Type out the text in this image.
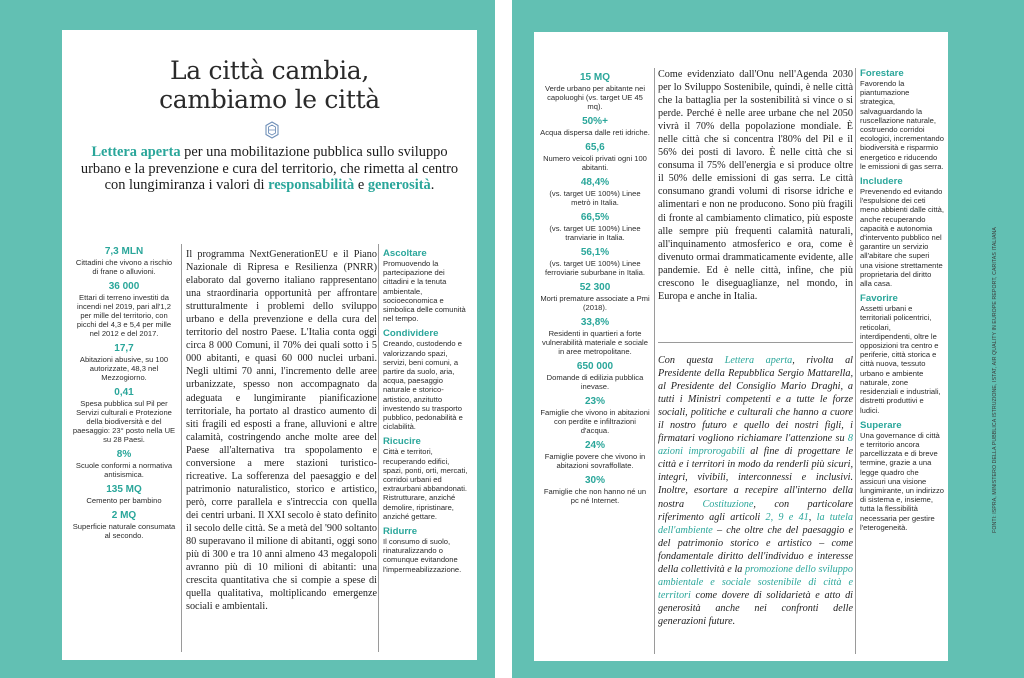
La città cambia,
cambiamo le città

Lettera aperta per una mobilitazione pubblica sullo sviluppo urbano e la prevenzione e cura del territorio, che rimetta al centro con lungimiranza i valori di responsabilità e generosità.

7,3 MLN
Cittadini che vivono a rischio di frane o alluvioni.
36 000
Ettari di terreno investiti da incendi nel 2019, pari all'1,2 per mille del territorio, con picchi del 4,3 e 5,4 per mille nel 2012 e del 2017.
17,7
Abitazioni abusive, su 100 autorizzate, 48,3 nel Mezzogiorno.
0,41
Spesa pubblica sul Pil per Servizi culturali e Protezione della biodiversità e del paesaggio: 23° posto nella UE su 28 Paesi.
8%
Scuole conformi a normativa antisismica.
135 MQ
Cemento per bambino
2 MQ
Superficie naturale consumata al secondo.

Il programma NextGenerationEU e il Piano Nazionale di Ripresa e Resilienza (PNRR) elaborato dal governo italiano rappresentano una straordinaria opportunità per affrontare strutturalmente i problemi dello sviluppo urbano e della prevenzione e della cura del territorio del nostro Paese. L'Italia conta oggi circa 8 000 Comuni, il 70% dei quali sotto i 5 000 abitanti, e quasi 60 000 nuclei urbani. Negli ultimi 70 anni, l'incremento delle aree urbanizzate, spesso non accompagnato da adeguata e lungimirante pianificazione territoriale, ha portato al drastico aumento di siti fragili ed esposti a frane, alluvioni e altre calamità, costringendo anche molte aree del Paese all'alternativa tra spopolamento e conversione a mere stazioni turistico-ricreative. La sofferenza del paesaggio e del patrimonio naturalistico, storico e artistico, però, corre parallela e s'intreccia con quella dei centri urbani. Il XXI secolo è stato definito il secolo delle città. Se a metà del '900 soltanto 80 superavano il milione di abitanti, oggi sono più di 300 e tra 10 anni almeno 43 megalopoli avranno più di 10 milioni di abitanti: una crescita quantitativa che si compie a spese di quella qualitativa, moltiplicando emergenze sociali e ambientali.

Ascoltare
Promuovendo la partecipazione dei cittadini e la tenuta ambientale, socioeconomica e simbolica delle comunità nel tempo.
Condividere
Creando, custodendo e valorizzando spazi, servizi, beni comuni, a partire da suolo, aria, acqua, paesaggio naturale e storico-artistico, anzitutto investendo su trasporto pubblico, pedonabilità e ciclabilità.
Ricucire
Città e territori, recuperando edifici, spazi, ponti, orti, mercati, corridoi urbani ed extraurbani abbandonati. Ristrutturare, anziché demolire, ripristinare, anziché gettare.
Ridurre
Il consumo di suolo, rinaturalizzando o comunque evitandone l'impermeabilizzazione.
15 MQ
Verde urbano per abitante nei capoluoghi (vs. target UE 45 mq).
50%+
Acqua dispersa dalle reti idriche.
65,6
Numero veicoli privati ogni 100 abitanti.
48,4%
(vs. target UE 100%) Linee metrò in Italia.
66,5%
(vs. target UE 100%) Linee tranviarie in Italia.
56,1%
(vs. target UE 100%) Linee ferroviarie suburbane in Italia.
52 300
Morti premature associate a Pmi (2018).
33,8%
Residenti in quartieri a forte vulnerabilità materiale e sociale in aree metropolitane.
650 000
Domande di edilizia pubblica inevase.
23%
Famiglie che vivono in abitazioni con perdite e infiltrazioni d'acqua.
24%
Famiglie povere che vivono in abitazioni sovraffollate.
30%
Famiglie che non hanno né un pc né Internet.

Come evidenziato dall'Onu nell'Agenda 2030 per lo Sviluppo Sostenibile, quindi, è nelle città che la battaglia per la sostenibilità si vince o si perde. Perché è nelle aree urbane che nel 2050 vivrà il 70% della popolazione mondiale. È nelle città che si concentra l'80% del Pil e il 56% dei posti di lavoro. È nelle città che si consuma il 75% dell'energia e si produce oltre il 50% delle emissioni di gas serra. Le città consumano grandi volumi di risorse idriche e alimentari e non ne producono. Sono più fragili di fronte al cambiamento climatico, più esposte alle sempre più frequenti calamità naturali, all'inquinamento atmosferico e ora, come è divenuto ormai drammaticamente evidente, alle pandemie. Ed è nelle città, infine, che più crescono le diseguaglianze, nel mondo, in Europa e anche in Italia.

Con questa Lettera aperta, rivolta al Presidente della Repubblica Sergio Mattarella, al Presidente del Consiglio Mario Draghi, a tutti i Ministri competenti e a tutte le forze sociali, politiche e culturali che hanno a cuore il nostro futuro e quello dei nostri figli, i firmatari vogliono richiamare l'attenzione su 8 azioni improrogabili al fine di progettare le città e i territori in modo da renderli più sicuri, integri, vivibili, interconnessi e inclusivi. Inoltre, esortare a recepire all'interno della nostra Costituzione, con particolare riferimento agli articoli 2, 9 e 41, la tutela dell'ambiente – che oltre che del paesaggio e del patrimonio storico e artistico – come fondamentale diritto dell'individuo e interesse della collettività e la promozione dello sviluppo ambientale e sociale sostenibile di città e territori come dovere di solidarietà e atto di generosità anche nei confronti delle generazioni future.

Forestare
Favorendo la piantumazione strategica, salvaguardando la ruscellazione naturale, costruendo corridoi ecologici, incrementando biodiversità e risparmio energetico e riducendo le emissioni di gas serra.
Includere
Prevenendo ed evitando l'espulsione dei ceti meno abbienti dalle città, anche recuperando capacità e autonomia d'intervento pubblico nel garantire un servizio all'abitare che superi una visione strettamente proprietaria del diritto alla casa.
Favorire
Assetti urbani e territoriali policentrici, reticolari, interdipendenti, oltre le opposizioni tra centro e periferie, città storica e città nuova, tessuto urbano e ambiente naturale, zone residenziali e industriali, distretti produttivi e ludici.
Superare
Una governance di città e territorio ancora parcellizzata e di breve termine, grazie a una legge quadro che assicuri una visione lungimirante, un indirizzo di sistema e, insieme, tutta la flessibilità necessaria per gestire l'eterogeneità.	FONTI: ISPRA, MINISTERO DELLA PUBBLICA ISTRUZIONE, ISTAT, AIR QUALITY IN EUROPE REPORT, CARITAS ITALIANA
